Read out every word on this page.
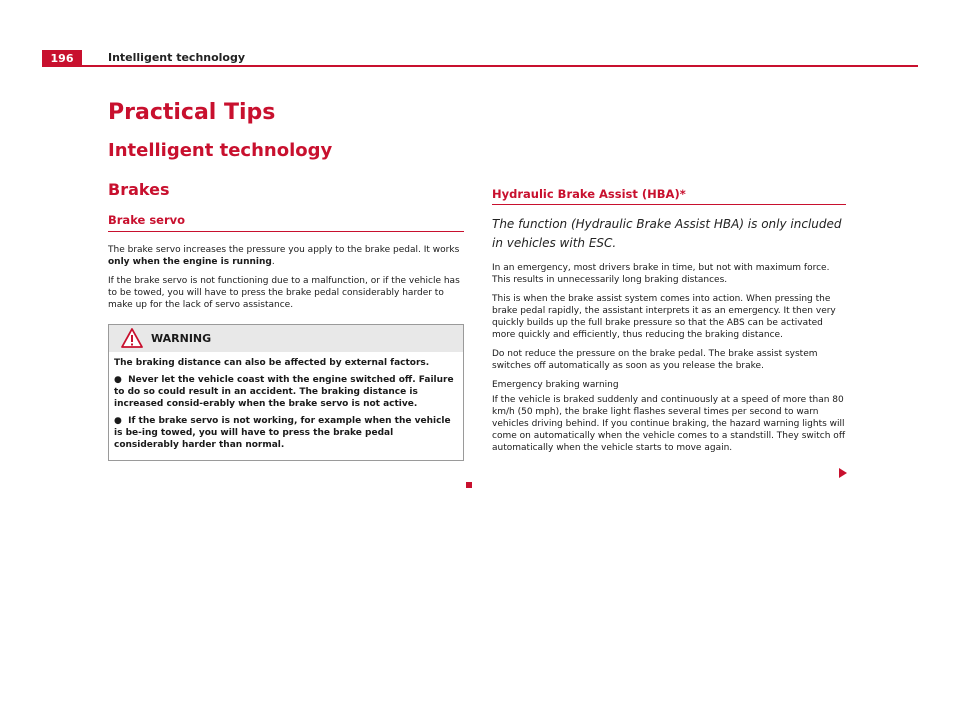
196	Intelligent technology
Practical Tips
Intelligent technology
Brakes
Brake servo

The brake servo increases the pressure you apply to the brake pedal. It works only when the engine is running.

If the brake servo is not functioning due to a malfunction, or if the vehicle has to be towed, you will have to press the brake pedal considerably harder to make up for the lack of servo assistance.

WARNING

The braking distance can also be affected by external factors.

● Never let the vehicle coast with the engine switched off. Failure to do so could result in an accident. The braking distance is increased consid-erably when the brake servo is not active.

● If the brake servo is not working, for example when the vehicle is be-ing towed, you will have to press the brake pedal considerably harder than normal.

Hydraulic Brake Assist (HBA)*

The function (Hydraulic Brake Assist HBA) is only included in vehicles with ESC.

In an emergency, most drivers brake in time, but not with maximum force. This results in unnecessarily long braking distances.

This is when the brake assist system comes into action. When pressing the brake pedal rapidly, the assistant interprets it as an emergency. It then very quickly builds up the full brake pressure so that the ABS can be activated more quickly and efficiently, thus reducing the braking distance.

Do not reduce the pressure on the brake pedal. The brake assist system switches off automatically as soon as you release the brake.

Emergency braking warning

If the vehicle is braked suddenly and continuously at a speed of more than 80 km/h (50 mph), the brake light flashes several times per second to warn vehicles driving behind. If you continue braking, the hazard warning lights will come on automatically when the vehicle comes to a standstill. They switch off automatically when the vehicle starts to move again.
